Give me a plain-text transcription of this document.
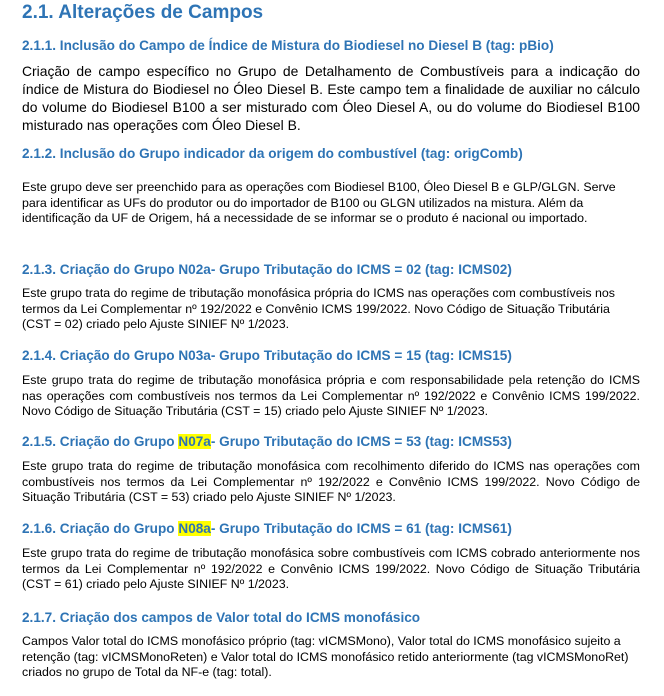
2.1. Alterações de Campos
2.1.1. Inclusão do Campo de Índice de Mistura do Biodiesel no Diesel B (tag: pBio)
Criação de campo específico no Grupo de Detalhamento de Combustíveis para a indicação do índice de Mistura do Biodiesel no Óleo Diesel B. Este campo tem a finalidade de auxiliar no cálculo do volume do Biodiesel B100 a ser misturado com Óleo Diesel A, ou do volume do Biodiesel B100 misturado nas operações com Óleo Diesel B.
2.1.2. Inclusão do Grupo indicador da origem do combustível (tag: origComb)
Este grupo deve ser preenchido para as operações com Biodiesel B100, Óleo Diesel B e GLP/GLGN. Serve para identificar as UFs do produtor ou do importador de B100 ou GLGN utilizados na mistura. Além da identificação da UF de Origem, há a necessidade de se informar se o produto é nacional ou importado.
2.1.3. Criação do Grupo N02a- Grupo Tributação do ICMS = 02 (tag: ICMS02)
Este grupo trata do regime de tributação monofásica própria do ICMS nas operações com combustíveis nos termos da Lei Complementar nº 192/2022 e Convênio ICMS 199/2022. Novo Código de Situação Tributária (CST = 02) criado pelo Ajuste SINIEF Nº 1/2023.
2.1.4. Criação do Grupo N03a- Grupo Tributação do ICMS = 15 (tag: ICMS15)
Este grupo trata do regime de tributação monofásica própria e com responsabilidade pela retenção do ICMS nas operações com combustíveis nos termos da Lei Complementar nº 192/2022 e Convênio ICMS 199/2022. Novo Código de Situação Tributária (CST = 15) criado pelo Ajuste SINIEF Nº 1/2023.
2.1.5. Criação do Grupo N07a- Grupo Tributação do ICMS = 53 (tag: ICMS53)
Este grupo trata do regime de tributação monofásica com recolhimento diferido do ICMS nas operações com combustíveis nos termos da Lei Complementar nº 192/2022 e Convênio ICMS 199/2022. Novo Código de Situação Tributária (CST = 53) criado pelo Ajuste SINIEF Nº 1/2023.
2.1.6. Criação do Grupo N08a- Grupo Tributação do ICMS = 61 (tag: ICMS61)
Este grupo trata do regime de tributação monofásica sobre combustíveis com ICMS cobrado anteriormente nos termos da Lei Complementar nº 192/2022 e Convênio ICMS 199/2022. Novo Código de Situação Tributária (CST = 61) criado pelo Ajuste SINIEF Nº 1/2023.
2.1.7. Criação dos campos de Valor total do ICMS monofásico
Campos Valor total do ICMS monofásico próprio (tag: vICMSMono), Valor total do ICMS monofásico sujeito a retenção (tag: vICMSMonoReten) e Valor total do ICMS monofásico retido anteriormente (tag vICMSMonoRet) criados no grupo de Total da NF-e (tag: total).
